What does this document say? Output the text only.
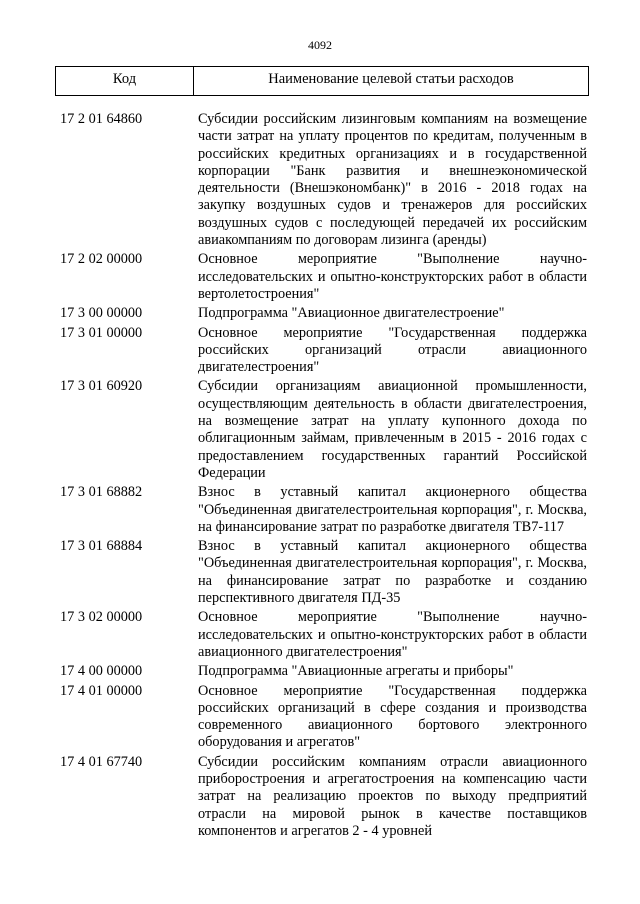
4092
Код	Наименование целевой статьи расходов
17 2 01 64860	Субсидии российским лизинговым компаниям на возмещение части затрат на уплату процентов по кредитам, полученным в российских кредитных организациях и в государственной корпорации "Банк развития и внешнеэкономической деятельности (Внешэкономбанк)" в 2016 - 2018 годах на закупку воздушных судов и тренажеров для российских воздушных судов с последующей передачей их российским авиакомпаниям по договорам лизинга (аренды)
17 2 02 00000	Основное мероприятие "Выполнение научно-исследовательских и опытно-конструкторских работ в области вертолетостроения"
17 3 00 00000	Подпрограмма "Авиационное двигателестроение"
17 3 01 00000	Основное мероприятие "Государственная поддержка российских организаций отрасли авиационного двигателестроения"
17 3 01 60920	Субсидии организациям авиационной промышленности, осуществляющим деятельность в области двигателестроения, на возмещение затрат на уплату купонного дохода по облигационным займам, привлеченным в 2015 - 2016 годах с предоставлением государственных гарантий Российской Федерации
17 3 01 68882	Взнос в уставный капитал акционерного общества "Объединенная двигателестроительная корпорация", г. Москва, на финансирование затрат по разработке двигателя ТВ7-117
17 3 01 68884	Взнос в уставный капитал акционерного общества "Объединенная двигателестроительная корпорация", г. Москва, на финансирование затрат по разработке и созданию перспективного двигателя ПД-35
17 3 02 00000	Основное мероприятие "Выполнение научно-исследовательских и опытно-конструкторских работ в области авиационного двигателестроения"
17 4 00 00000	Подпрограмма "Авиационные агрегаты и приборы"
17 4 01 00000	Основное мероприятие "Государственная поддержка российских организаций в сфере создания и производства современного авиационного бортового электронного оборудования и агрегатов"
17 4 01 67740	Субсидии российским компаниям отрасли авиационного приборостроения и агрегатостроения на компенсацию части затрат на реализацию проектов по выходу предприятий отрасли на мировой рынок в качестве поставщиков компонентов и агрегатов 2 - 4 уровней
